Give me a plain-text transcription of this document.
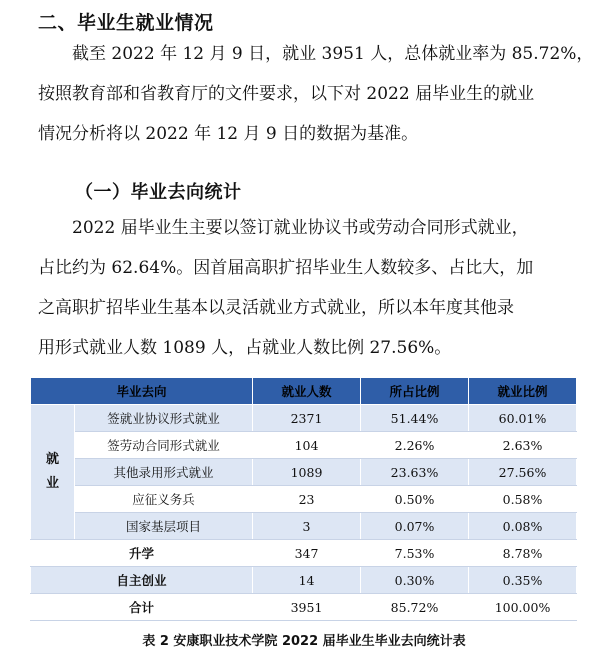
二、毕业生就业情况
截至 2022 年 12 月 9 日，就业 3951 人，总体就业率为 85.72%，
按照教育部和省教育厅的文件要求，以下对 2022 届毕业生的就业
情况分析将以 2022 年 12 月 9 日的数据为基准。
（一）毕业去向统计
2022 届毕业生主要以签订就业协议书或劳动合同形式就业，
占比约为 62.64%。因首届高职扩招毕业生人数较多、占比大，加
之高职扩招毕业生基本以灵活就业方式就业，所以本年度其他录
用形式就业人数 1089 人，占就业人数比例 27.56%。
毕业去向		就业人数	所占比例	就业比例
就
业	签就业协议形式就业	2371	51.44%	60.01%
	签劳动合同形式就业	104	2.26%	2.63%
	其他录用形式就业	1089	23.63%	27.56%
	应征义务兵	23	0.50%	0.58%
	国家基层项目	3	0.07%	0.08%
升学		347	7.53%	8.78%
自主创业		14	0.30%	0.35%
合计		3951	85.72%	100.00%
表 2 安康职业技术学院 2022 届毕业生毕业去向统计表
